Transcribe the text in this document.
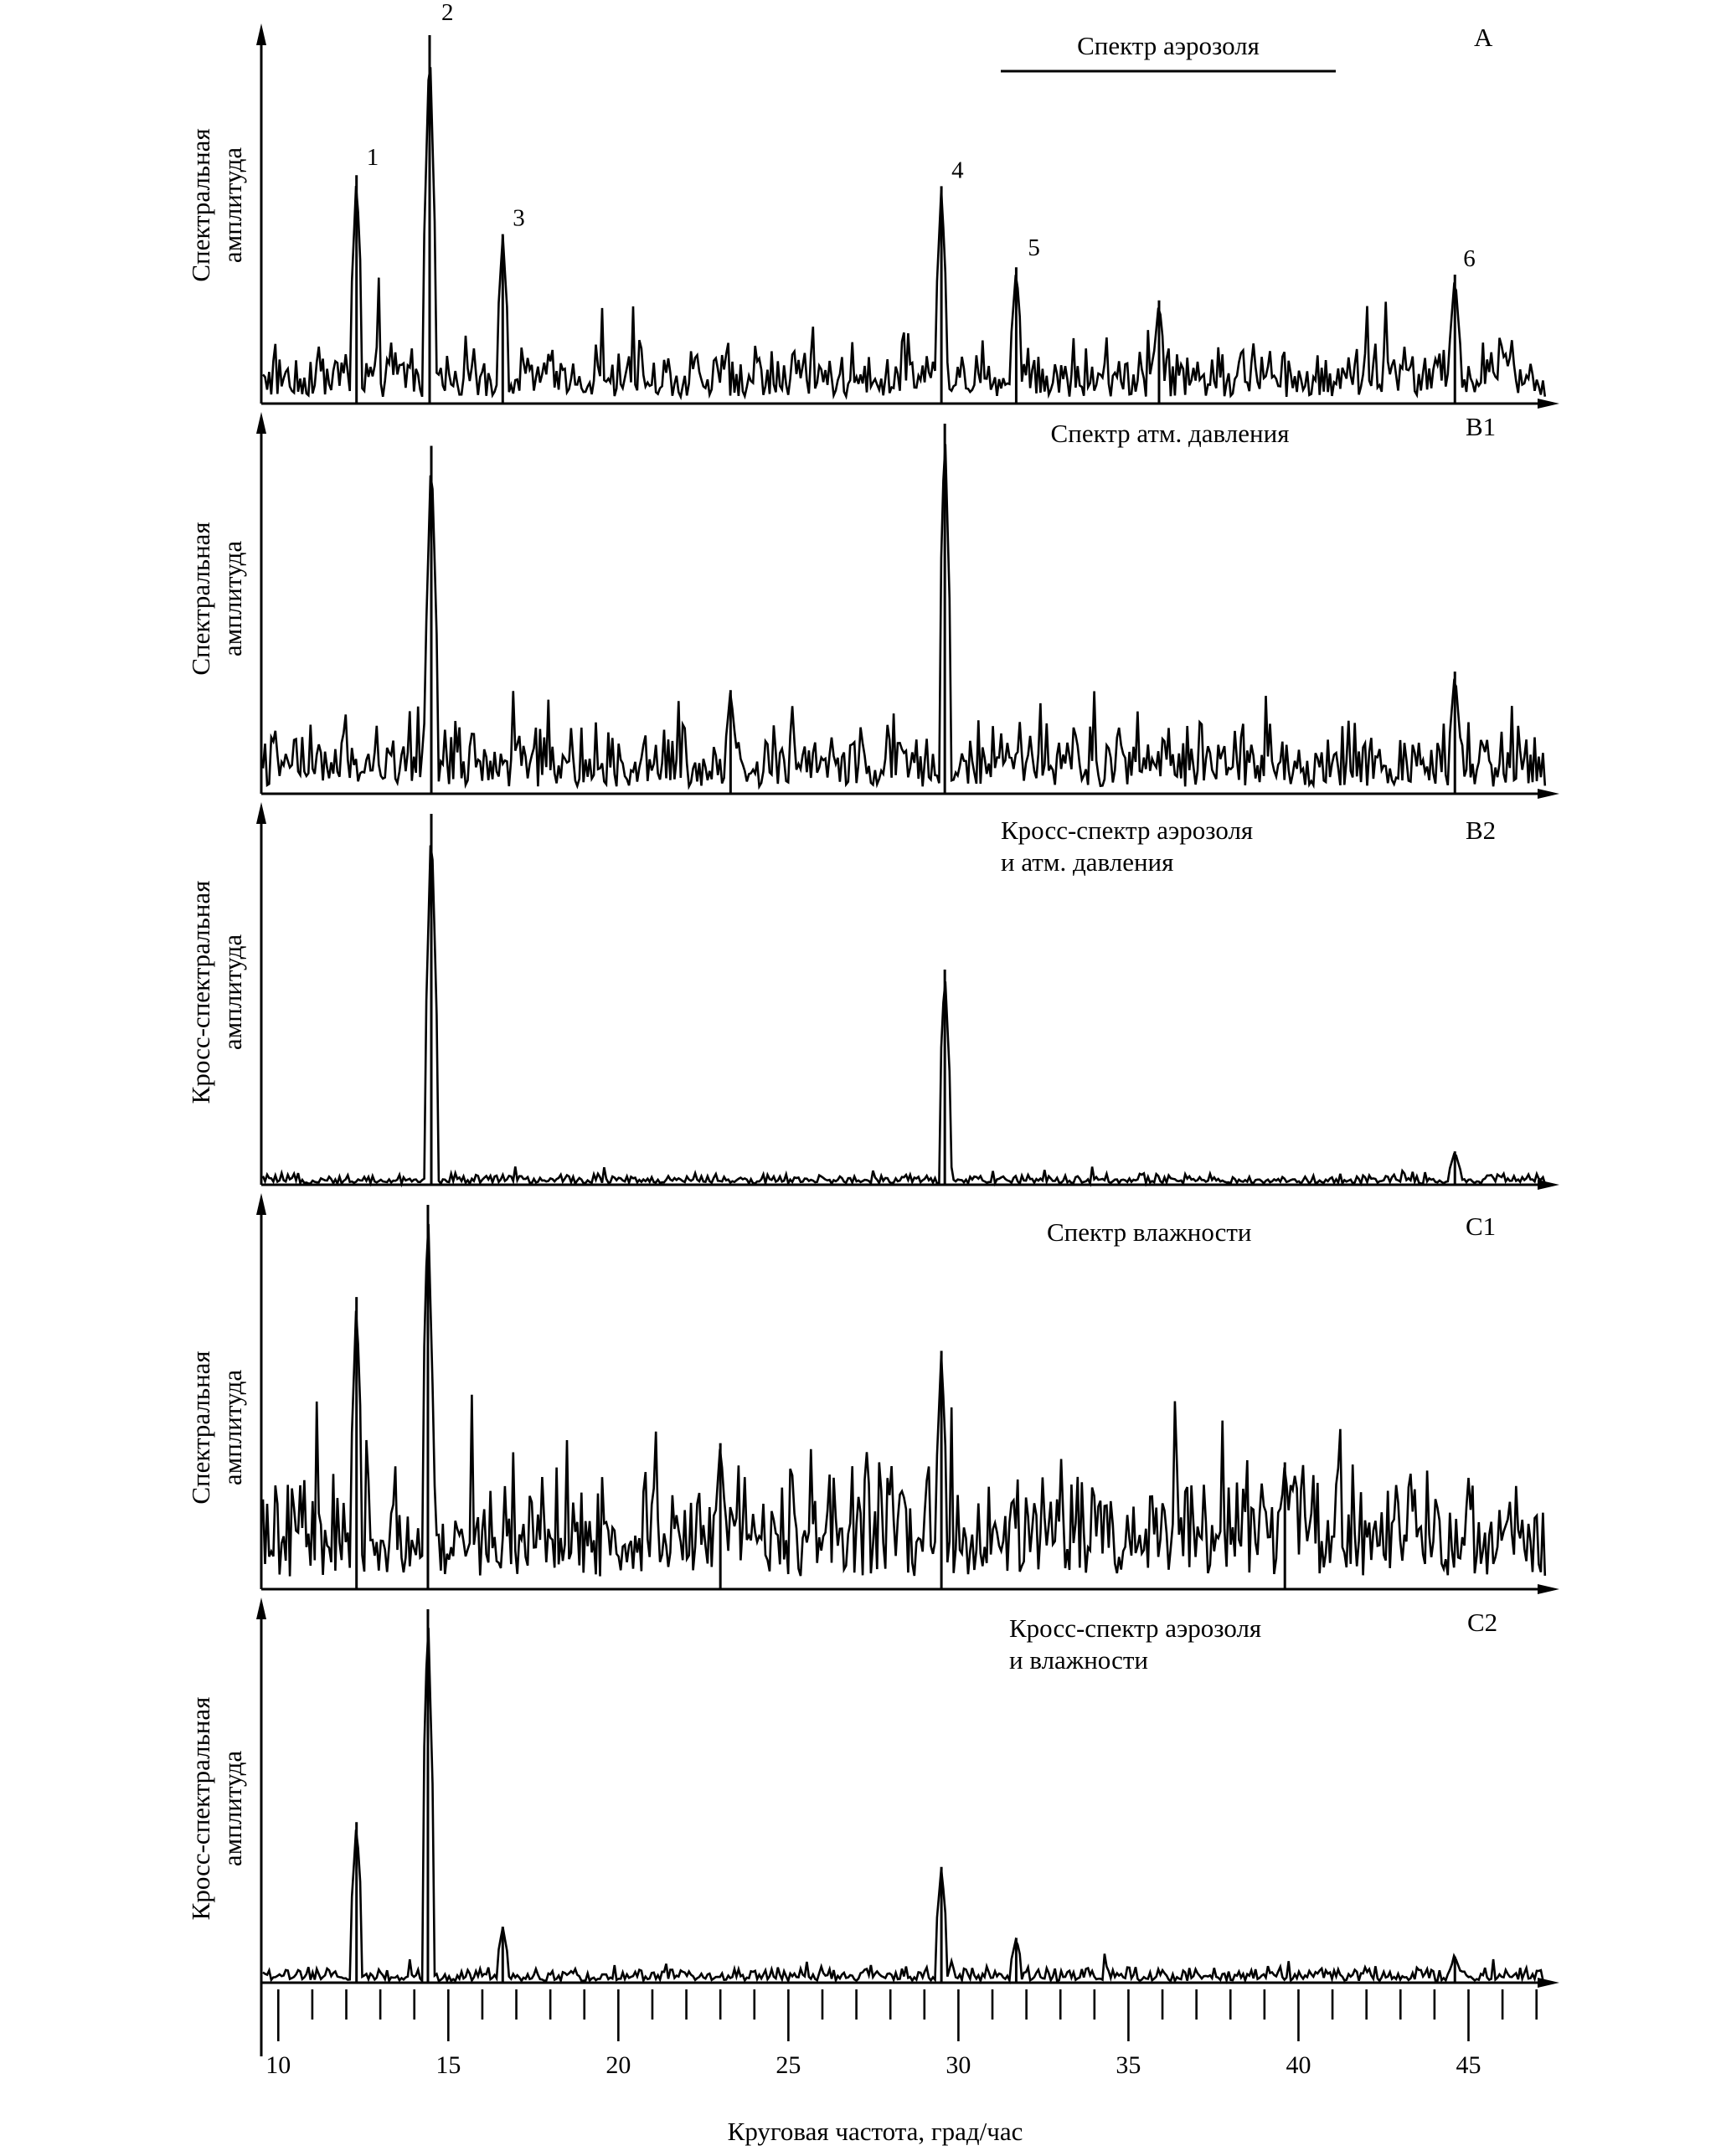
Спектр аэрозоля	A
Спектр атм. давления	B1
Кросс-спектр аэрозоля
и атм. давления
B2
Спектр влажности	C1
Кросс-спектр аэрозоля
и влажности
C2
Спектральная амплитуда
Спектральная амплитуда
Кросс-спектральная амплитуда
Спектральная амплитуда
Кросс-спектральная амплитуда
Круговая частота, град/час
1
2
3
4
5	6
10	15	20	25	30	35	40	45
